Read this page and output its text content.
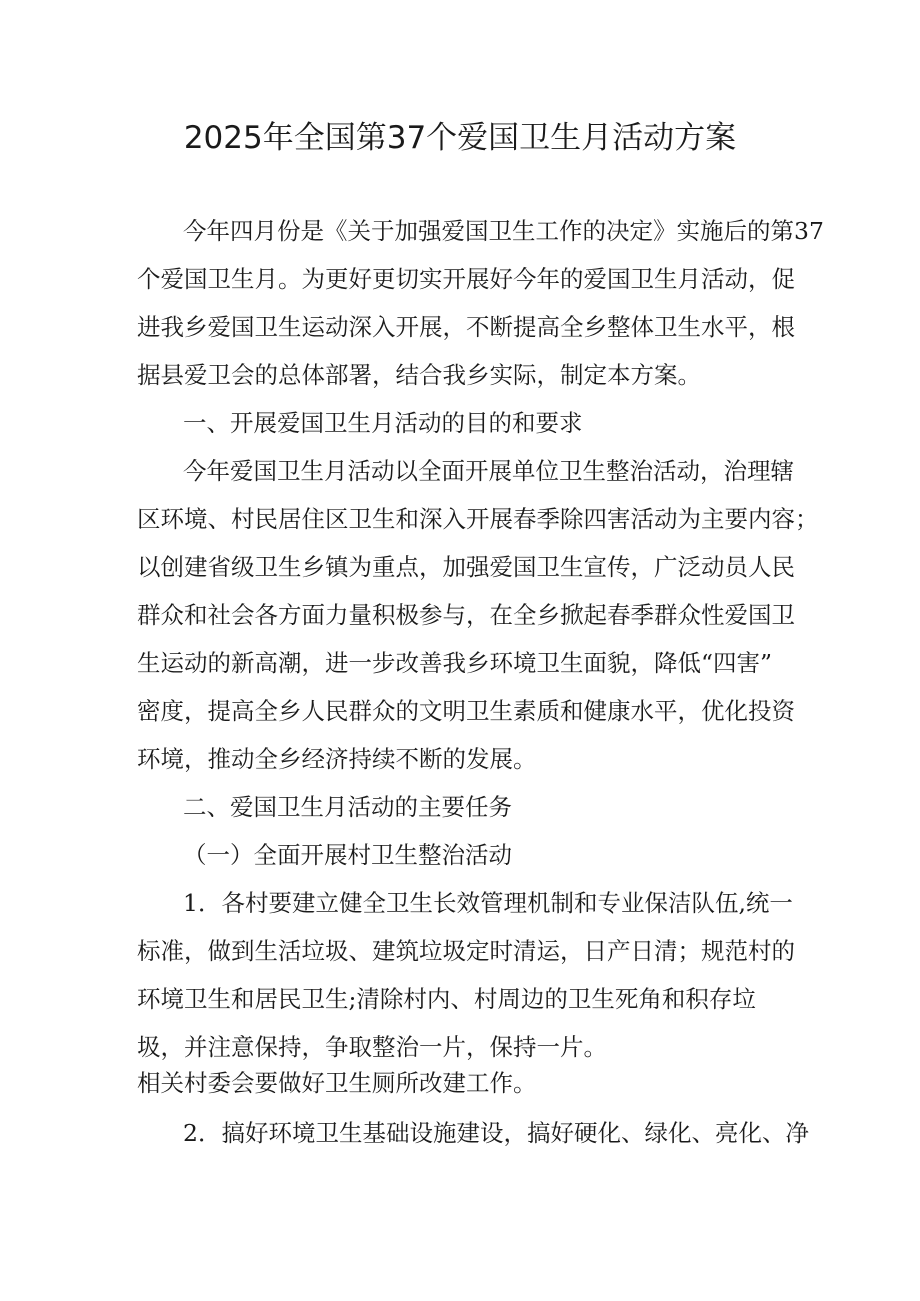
2025年全国第37个爱国卫生月活动方案

今年四月份是《关于加强爱国卫生工作的决定》实施后的第37

个爱国卫生月。为更好更切实开展好今年的爱国卫生月活动，促

进我乡爱国卫生运动深入开展，不断提高全乡整体卫生水平，根

据县爱卫会的总体部署，结合我乡实际，制定本方案。

一、开展爱国卫生月活动的目的和要求

今年爱国卫生月活动以全面开展单位卫生整治活动，治理辖

区环境、村民居住区卫生和深入开展春季除四害活动为主要内容；

以创建省级卫生乡镇为重点，加强爱国卫生宣传，广泛动员人民

群众和社会各方面力量积极参与，在全乡掀起春季群众性爱国卫

生运动的新高潮，进一步改善我乡环境卫生面貌，降低“四害”

密度，提高全乡人民群众的文明卫生素质和健康水平，优化投资

环境，推动全乡经济持续不断的发展。

二、爱国卫生月活动的主要任务

（一）全面开展村卫生整治活动

1．各村要建立健全卫生长效管理机制和专业保洁队伍,统一

标准，做到生活垃圾、建筑垃圾定时清运，日产日清；规范村的

环境卫生和居民卫生;清除村内、村周边的卫生死角和积存垃

圾，并注意保持，争取整治一片，保持一片。

相关村委会要做好卫生厕所改建工作。

2．搞好环境卫生基础设施建设，搞好硬化、绿化、亮化、净
